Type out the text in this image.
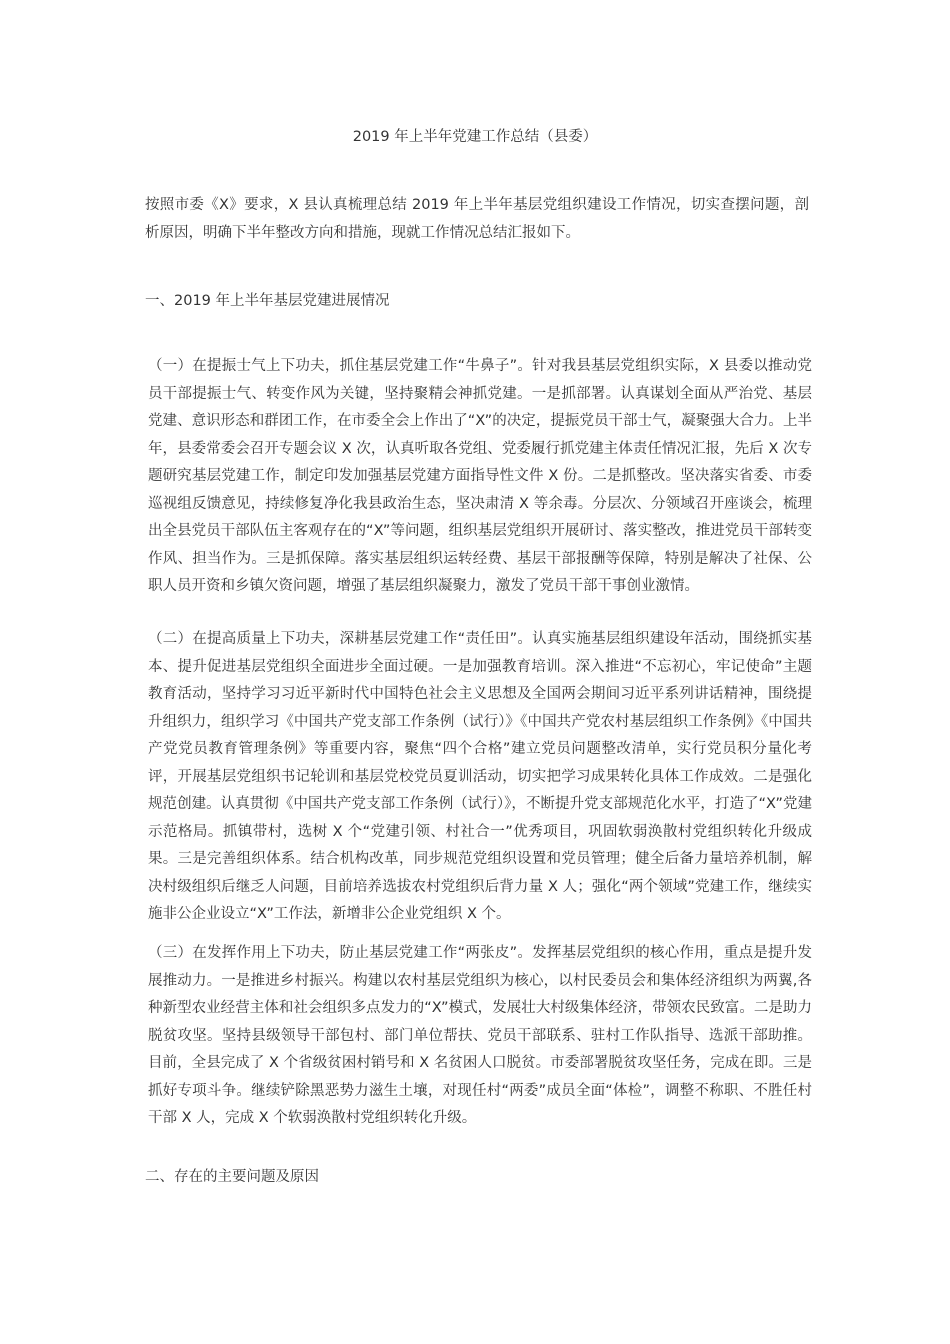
2019 年上半年党建工作总结（县委）
按照市委《X》要求，X 县认真梳理总结 2019 年上半年基层党组织建设工作情况，切实查摆问题，剖析原因，明确下半年整改方向和措施，现就工作情况总结汇报如下。
一、2019 年上半年基层党建进展情况
（一）在提振士气上下功夫，抓住基层党建工作“牛鼻子”。针对我县基层党组织实际，X 县委以推动党员干部提振士气、转变作风为关键，坚持聚精会神抓党建。一是抓部署。认真谋划全面从严治党、基层党建、意识形态和群团工作，在市委全会上作出了“X”的决定，提振党员干部士气，凝聚强大合力。上半年，县委常委会召开专题会议 X 次，认真听取各党组、党委履行抓党建主体责任情况汇报，先后 X 次专题研究基层党建工作，制定印发加强基层党建方面指导性文件 X 份。二是抓整改。坚决落实省委、市委巡视组反馈意见，持续修复净化我县政治生态，坚决肃清 X 等余毒。分层次、分领域召开座谈会，梳理出全县党员干部队伍主客观存在的“X”等问题，组织基层党组织开展研讨、落实整改，推进党员干部转变作风、担当作为。三是抓保障。落实基层组织运转经费、基层干部报酬等保障，特别是解决了社保、公职人员开资和乡镇欠资问题，增强了基层组织凝聚力，激发了党员干部干事创业激情。
（二）在提高质量上下功夫，深耕基层党建工作“责任田”。认真实施基层组织建设年活动，围绕抓实基本、提升促进基层党组织全面进步全面过硬。一是加强教育培训。深入推进“不忘初心，牢记使命”主题教育活动，坚持学习习近平新时代中国特色社会主义思想及全国两会期间习近平系列讲话精神，围绕提升组织力，组织学习《中国共产党支部工作条例（试行）》《中国共产党农村基层组织工作条例》《中国共产党党员教育管理条例》等重要内容，聚焦“四个合格”建立党员问题整改清单，实行党员积分量化考评，开展基层党组织书记轮训和基层党校党员夏训活动，切实把学习成果转化具体工作成效。二是强化规范创建。认真贯彻《中国共产党支部工作条例（试行）》，不断提升党支部规范化水平，打造了“X”党建示范格局。抓镇带村，选树 X 个“党建引领、村社合一”优秀项目，巩固软弱涣散村党组织转化升级成果。三是完善组织体系。结合机构改革，同步规范党组织设置和党员管理；健全后备力量培养机制，解决村级组织后继乏人问题，目前培养选拔农村党组织后背力量 X 人；强化“两个领域”党建工作，继续实施非公企业设立“X”工作法，新增非公企业党组织 X 个。
（三）在发挥作用上下功夫，防止基层党建工作“两张皮”。发挥基层党组织的核心作用，重点是提升发展推动力。一是推进乡村振兴。构建以农村基层党组织为核心，以村民委员会和集体经济组织为两翼,各种新型农业经营主体和社会组织多点发力的“X”模式，发展壮大村级集体经济，带领农民致富。二是助力脱贫攻坚。坚持县级领导干部包村、部门单位帮扶、党员干部联系、驻村工作队指导、选派干部助推。目前，全县完成了 X 个省级贫困村销号和 X 名贫困人口脱贫。市委部署脱贫攻坚任务，完成在即。三是抓好专项斗争。继续铲除黑恶势力滋生土壤，对现任村“两委”成员全面“体检”，调整不称职、不胜任村干部 X 人，完成 X 个软弱涣散村党组织转化升级。
二、存在的主要问题及原因
